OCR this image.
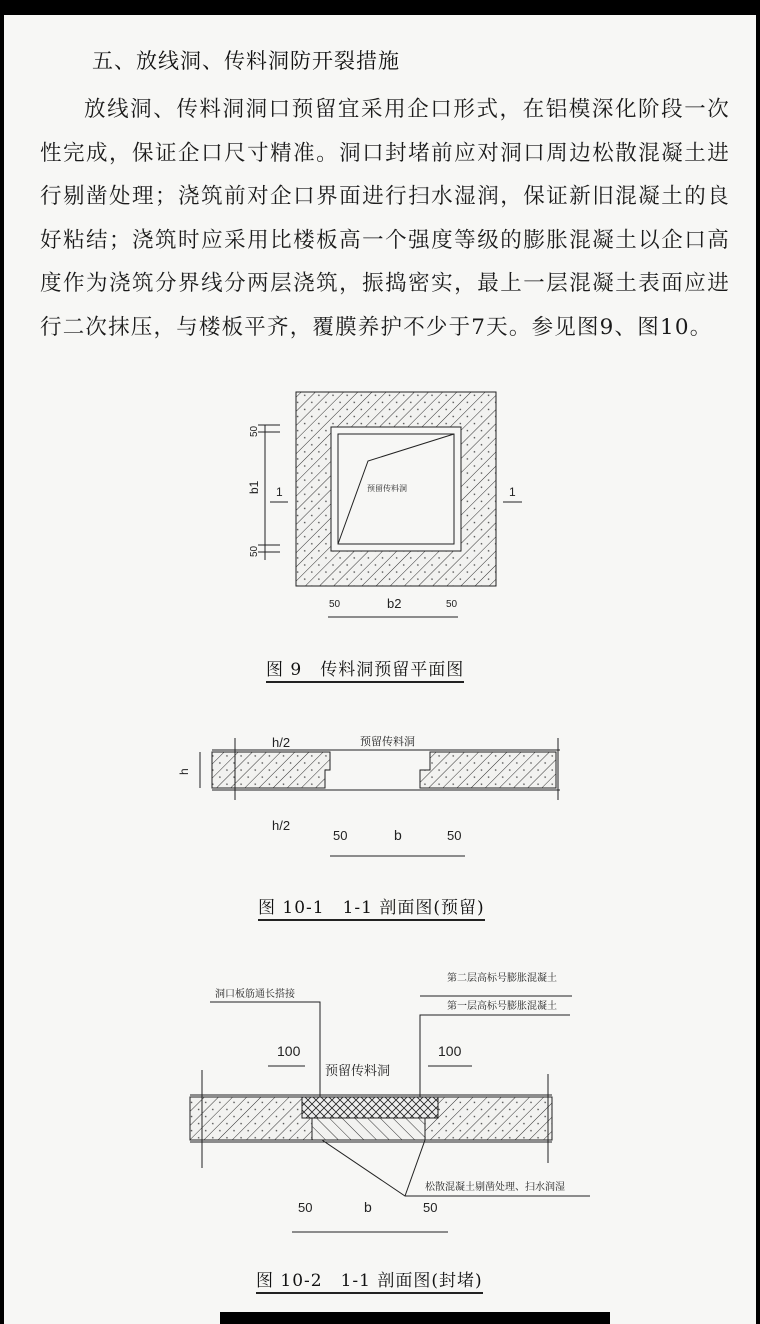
五、放线洞、传料洞防开裂措施
放线洞、传料洞洞口预留宜采用企口形式，在铝模深化阶段一次性完成，保证企口尺寸精准。洞口封堵前应对洞口周边松散混凝土进行剔凿处理；浇筑前对企口界面进行扫水湿润，保证新旧混凝土的良好粘结；浇筑时应采用比楼板高一个强度等级的膨胀混凝土以企口高度作为浇筑分界线分两层浇筑，振捣密实，最上一层混凝土表面应进行二次抹压，与楼板平齐，覆膜养护不少于7天。参见图9、图10。
50
50
b1 1	1
预留传料洞
50	50
b2
h
h/2
h/2
预留传料洞
50	50
b
洞口板筋通长搭接
第二层高标号膨胀混凝土
第一层高标号膨胀混凝土
松散混凝土剔凿处理、扫水润湿
100	100
预留传料洞
50	50
b
图 9　传料洞预留平面图
图 10-1　1-1 剖面图(预留)
图 10-2　1-1 剖面图(封堵)
